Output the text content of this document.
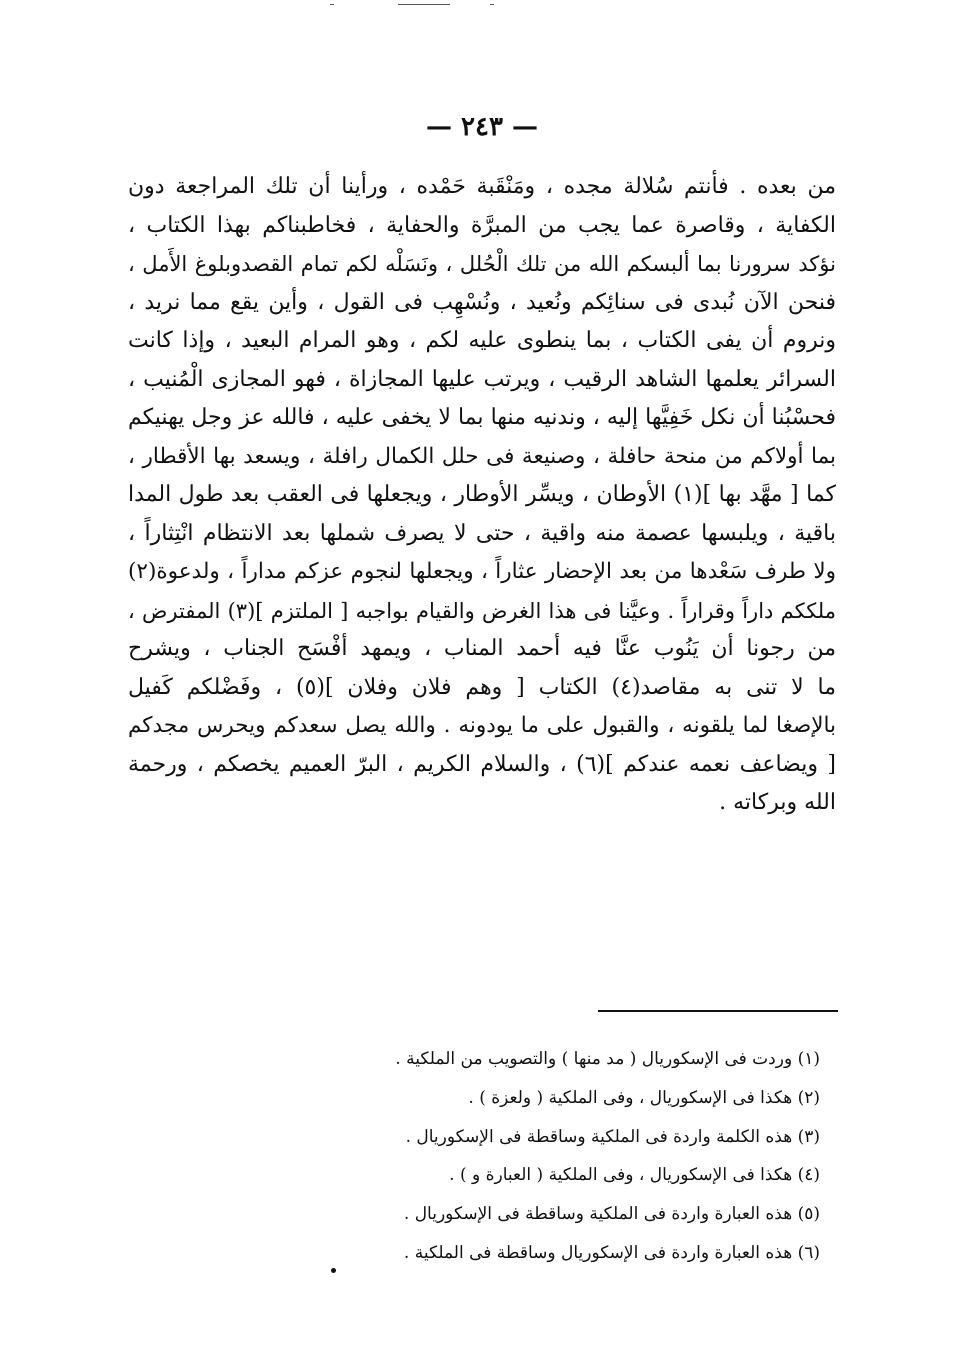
— ٢٤٣ —
من بعده . فأنتم سُلالة مجده ، ومَنْقَبة حَمْده ، ورأينا أن تلك المراجعة دون
الكفاية ، وقاصرة عما يجب من المبرَّة والحفاية ، فخاطبناكم بهذا الكتاب ،
نؤكد سرورنا بما ألبسكم الله من تلك الْحُلل ، ونَسَلْه لكم تمام القصدوبلوغ الأَمل ،
فنحن الآن نُبدى فى سنائِكم ونُعيد ، ونُسْهِب فى القول ، وأين يقع مما نريد ،
ونروم أن يفى الكتاب ، بما ينطوى عليه لكم ، وهو المرام البعيد ، وإذا كانت
السرائر يعلمها الشاهد الرقيب ، ويرتب عليها المجازاة ، فهو المجازى الْمُنيب ،
فحسْبُنا أن نكل خَفِيَّها إليه ، وندنيه منها بما لا يخفى عليه ، فالله عز وجل يهنيكم
بما أولاكم من منحة حافلة ، وصنيعة فى حلل الكمال رافلة ، ويسعد بها الأقطار ،
كما [ مهَّد بها ](١) الأوطان ، ويسِّر الأوطار ، ويجعلها فى العقب بعد طول المدا
باقية ، ويلبسها عصمة منه واقية ، حتى لا يصرف شملها بعد الانتظام انْتِثاراً ،
ولا طرف سَعْدها من بعد الإحضار عثاراً ، ويجعلها لنجوم عزكم مداراً ، ولدعوة(٢)
ملككم داراً وقراراً . وعيَّنا فى هذا الغرض والقيام بواجبه [ الملتزم ](٣) المفترض ،
من رجونا أن يَنُوب عنَّا فيه أحمد المناب ، ويمهد أفْسَح الجناب ، ويشرح
ما لا تنى به مقاصد(٤) الكتاب [ وهم فلان وفلان ](٥) ، وفَضْلكم كَفيل
بالإصغا لما يلقونه ، والقبول على ما يودونه . والله يصل سعدكم ويحرس مجدكم
[ ويضاعف نعمه عندكم ](٦) ، والسلام الكريم ، البرّ العميم يخصكم ، ورحمة
الله وبركاته .
(١) وردت فى الإسكوريال ( مد منها ) والتصويب من الملكية .
(٢) هكذا فى الإسكوريال ، وفى الملكية ( ولعزة ) .
(٣) هذه الكلمة واردة فى الملكية وساقطة فى الإسكوريال .
(٤) هكذا فى الإسكوريال ، وفى الملكية ( العبارة و ) .
(٥) هذه العبارة واردة فى الملكية وساقطة فى الإسكوريال .
(٦) هذه العبارة واردة فى الإسكوريال وساقطة فى الملكية .
